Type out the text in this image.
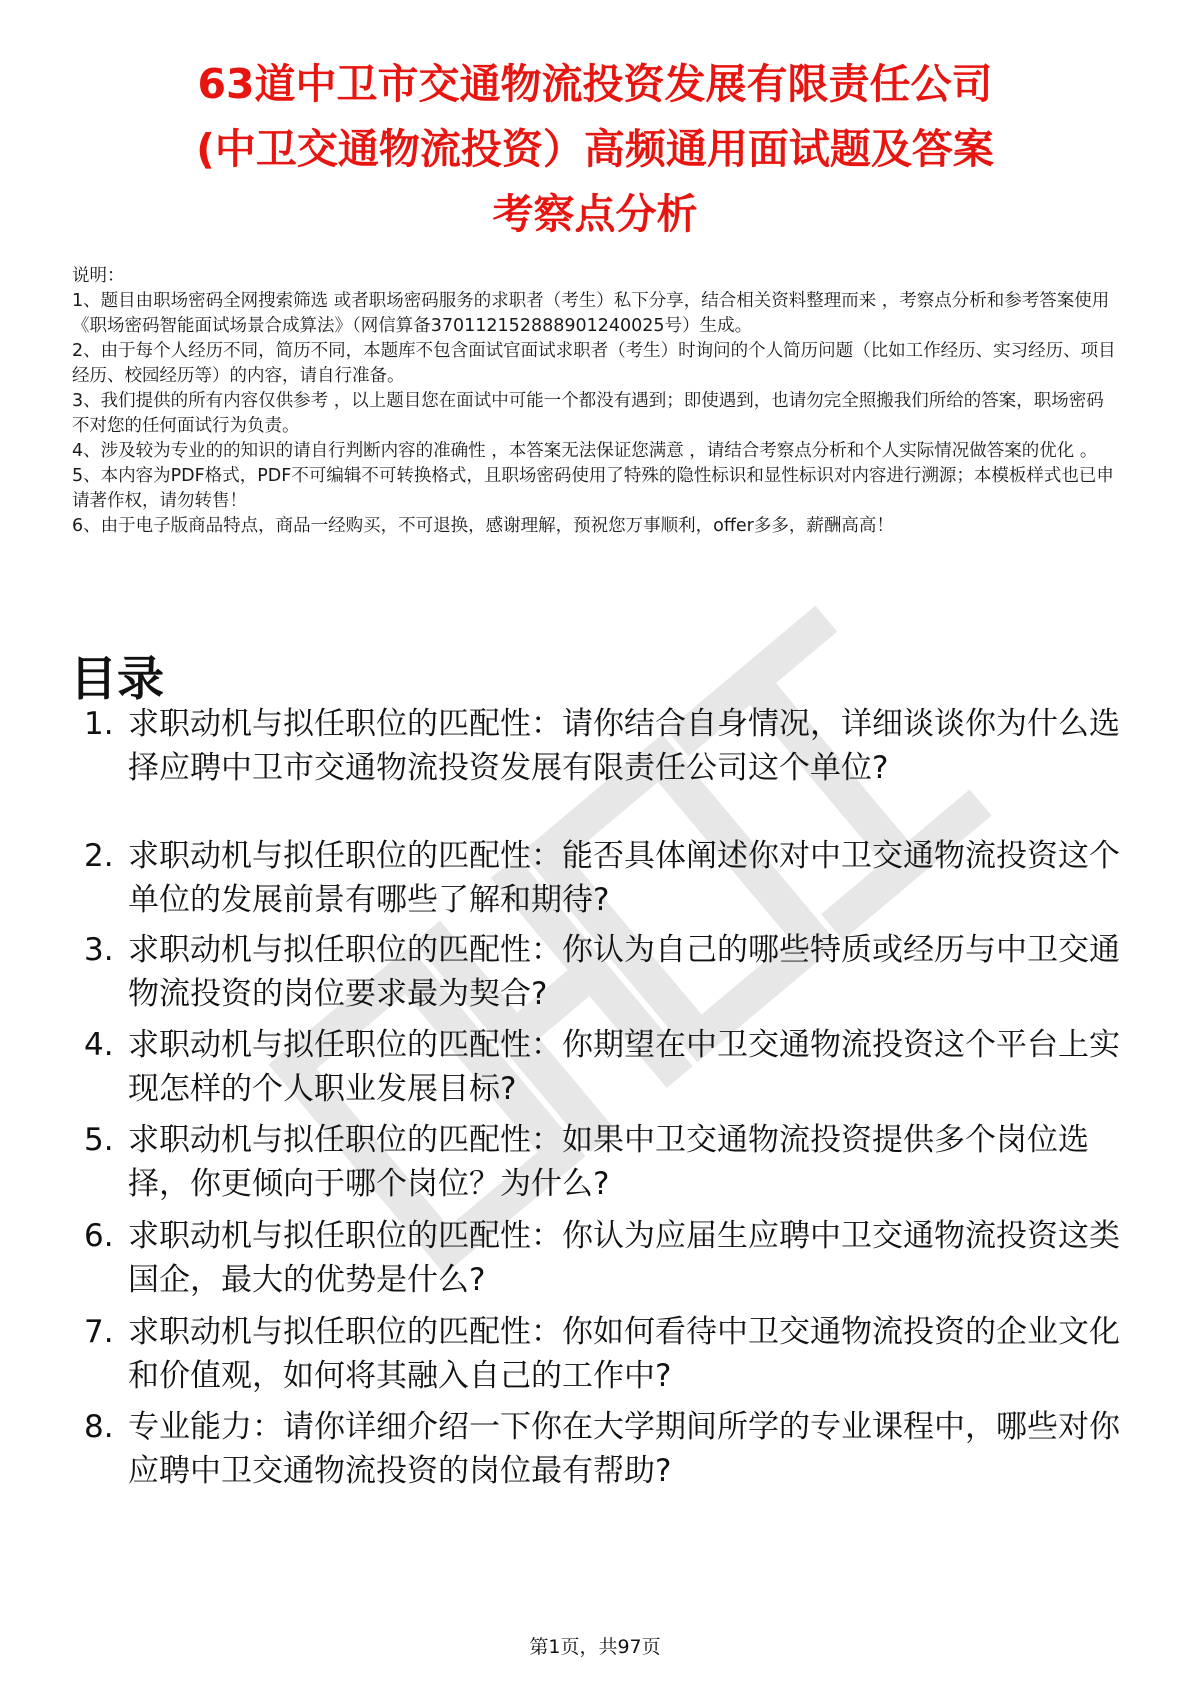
63道中卫市交通物流投资发展有限责任公司
(中卫交通物流投资）高频通用面试题及答案
考察点分析

说明：

1、题目由职场密码全网搜索筛选 或者职场密码服务的求职者（考生）私下分享，结合相关资料整理而来 ，考察点分析和参考答案使用《职场密码智能面试场景合成算法》（网信算备370112152888901240025号）生成。

2、由于每个人经历不同，简历不同，本题库不包含面试官面试求职者（考生）时询问的个人简历问题（比如工作经历、实习经历、项目经历、校园经历等）的内容，请自行准备。

3、我们提供的所有内容仅供参考 ，以上题目您在面试中可能一个都没有遇到；即使遇到，也请勿完全照搬我们所给的答案，职场密码不对您的任何面试行为负责。

4、涉及较为专业的的知识的请自行判断内容的准确性 ，本答案无法保证您满意 ，请结合考察点分析和个人实际情况做答案的优化 。

5、本内容为PDF格式，PDF不可编辑不可转换格式，且职场密码使用了特殊的隐性标识和显性标识对内容进行溯源；本模板样式也已申请著作权，请勿转售！

6、由于电子版商品特点，商品一经购买，不可退换，感谢理解，预祝您万事顺利，offer多多，薪酬高高！

目录
1. 求职动机与拟任职位的匹配性：请你结合自身情况，详细谈谈你为什么选择应聘中卫市交通物流投资发展有限责任公司这个单位?
2. 求职动机与拟任职位的匹配性：能否具体阐述你对中卫交通物流投资这个单位的发展前景有哪些了解和期待?
3. 求职动机与拟任职位的匹配性：你认为自己的哪些特质或经历与中卫交通物流投资的岗位要求最为契合?
4. 求职动机与拟任职位的匹配性：你期望在中卫交通物流投资这个平台上实现怎样的个人职业发展目标?
5. 求职动机与拟任职位的匹配性：如果中卫交通物流投资提供多个岗位选择，你更倾向于哪个岗位？为什么?
6. 求职动机与拟任职位的匹配性：你认为应届生应聘中卫交通物流投资这类国企，最大的优势是什么?
7. 求职动机与拟任职位的匹配性：你如何看待中卫交通物流投资的企业文化和价值观，如何将其融入自己的工作中?
8. 专业能力：请你详细介绍一下你在大学期间所学的专业课程中，哪些对你应聘中卫交通物流投资的岗位最有帮助?
第1页，共97页
